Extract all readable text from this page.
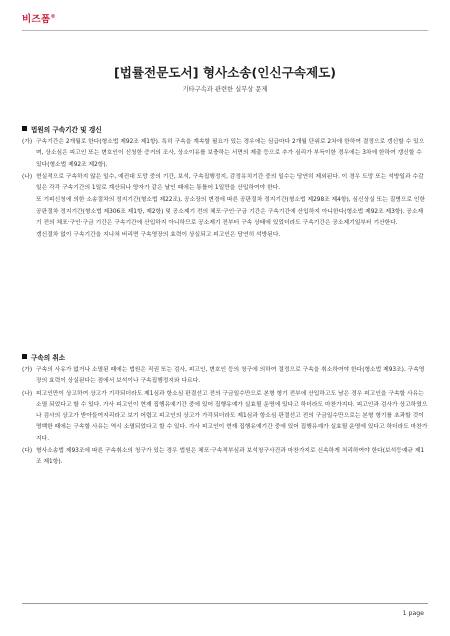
비즈폼®
[법률전문도서] 형사소송(인신구속제도)
기타구속과 관련한 실무상 문제
법원의 구속기간 및 갱신
(가) 구속기간은 2개월로 한다(형소법 제92조 제1항). 특히 구속을 계속할 필요가 있는 경우에는 심급마다 2개월 단위로 2차에 한하여 결정으로 갱신할 수 있으며, 상소심은 피고인 또는 변호인이 신청한 증거의 조사, 상소이유를 보충하는 서면의 제출 등으로 추가 심리가 부득이한 경우에는 3차에 한하여 갱신할 수 있다(형소법 제92조 제2항).

(나) 현실적으로 구속하지 않은 일수, 예컨대 도망 중의 기간, 보석, 구속집행정지, 감정유치기간 중의 일수는 당연히 제외된다. 이 경우 도망 또는 석방일과 수감일은 각각 구속기간의 1일로 계산되나 양자가 같은 날인 때에는 통틀어 1일만을 산입하여야 한다.

또 기피신청에 의한 소송절차의 정지기간(형소법 제22조), 공소장의 변경에 따른 공판절차 정지기간(형소법 제298조 제4항), 심신상실 또는 질병으로 인한 공판절차 정지기간(형소법 제306조 제1항, 제2항) 및 공소제기 전의 체포·구인·구금 기간은 구속기간에 산입하지 아니한다(형소법 제92조 제3항). 공소제기 전의 체포·구인·구금 기간은 구속기간에 산입하지 아니하므로 공소제기 전부터 구속 상태에 있었더라도 구속기간은 공소제기일부터 기산한다.

갱신절차 없이 구속기간을 지나쳐 버리면 구속영장의 효력이 상실되고 피고인은 당연히 석방된다.

구속의 취소
(가) 구속의 사유가 없거나 소멸된 때에는 법원은 직권 또는 검사, 피고인, 변호인 등의 청구에 의하여 결정으로 구속을 취소하여야 한다(형소법 제93조). 구속영장의 효력이 상실된다는 점에서 보석이나 구속집행정지와 다르다.

(나) 피고인만이 상고하여 상고가 기각되더라도 제1심과 항소심 판결선고 전의 구금일수만으로 본형 형기 전부에 산입하고도 남은 경우 피고인을 구속할 사유는 소멸 되었다고 할 수 있다. 가사 피고인이 현재 집행유예기간 중에 있어 집행유예가 실효될 운명에 있다고 하더라도 마찬가지다. 피고인과 검사가 상고하였으나 검사의 상고가 받아들여지리라고 보기 어렵고 피고인의 상고가 가각되더라도 제1심과 항소심 판결선고 전의 구금일수만으로는 본형 형기를 초과할 것이 명백한 때에는 구속할 사유는 역시 소멸되었다고 할 수 있다. 가사 피고인이 현재 집행유예기간 중에 있어 집행유예가 실효될 운명에 있다고 하더라도 마찬가지다.

(다) 형사소송법 제93조에 따른 구속취소의 청구가 있는 경우 법원은 체포·구속적부심과 보석청구사건과 마찬가지로 신속하게 처리하여야 한다(보석등예규 제1조 제1항).

1 page
